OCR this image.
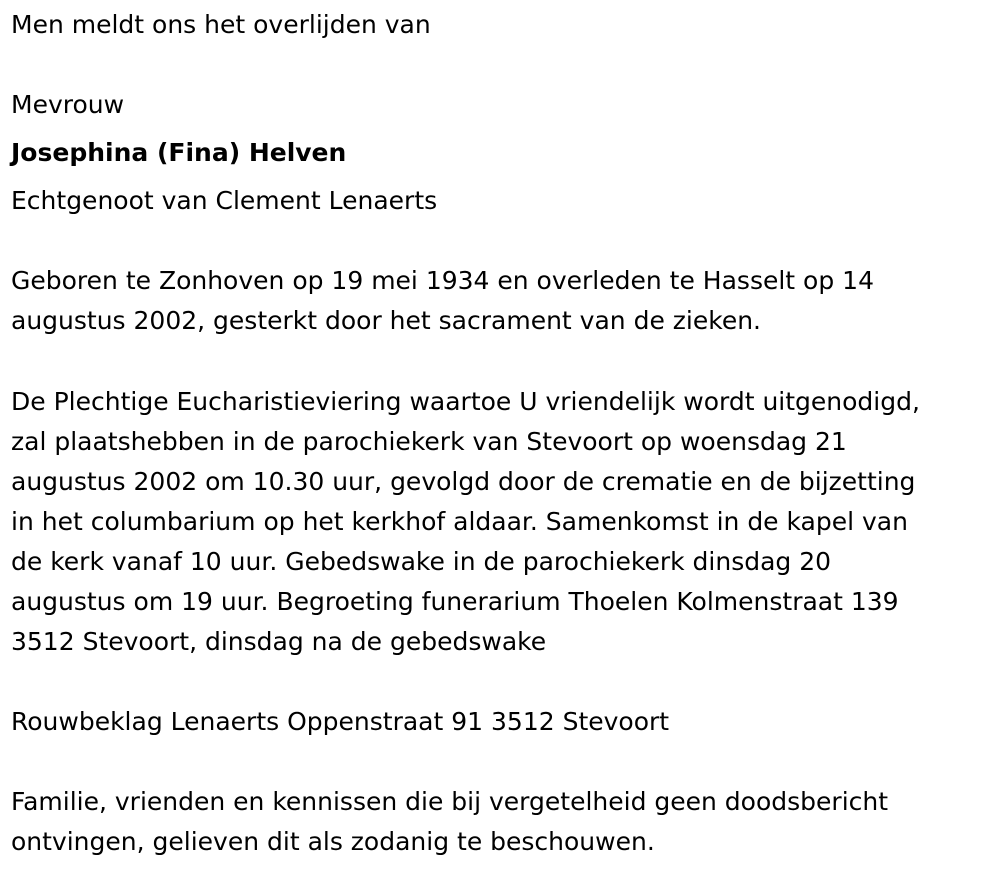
Men meldt ons het overlijden van

Mevrouw

Josephina (Fina) Helven

Echtgenoot van Clement Lenaerts

Geboren te Zonhoven op 19 mei 1934 en overleden te Hasselt op 14
augustus 2002, gesterkt door het sacrament van de zieken.
De Plechtige Eucharistieviering waartoe U vriendelijk wordt uitgenodigd,
zal plaatshebben in de parochiekerk van Stevoort op woensdag 21
augustus 2002 om 10.30 uur, gevolgd door de crematie en de bijzetting
in het columbarium op het kerkhof aldaar. Samenkomst in de kapel van
de kerk vanaf 10 uur. Gebedswake in de parochiekerk dinsdag 20
augustus om 19 uur. Begroeting funerarium Thoelen Kolmenstraat 139
3512 Stevoort, dinsdag na de gebedswake
Rouwbeklag Lenaerts Oppenstraat 91 3512 Stevoort
Familie, vrienden en kennissen die bij vergetelheid geen doodsbericht
ontvingen, gelieven dit als zodanig te beschouwen.
